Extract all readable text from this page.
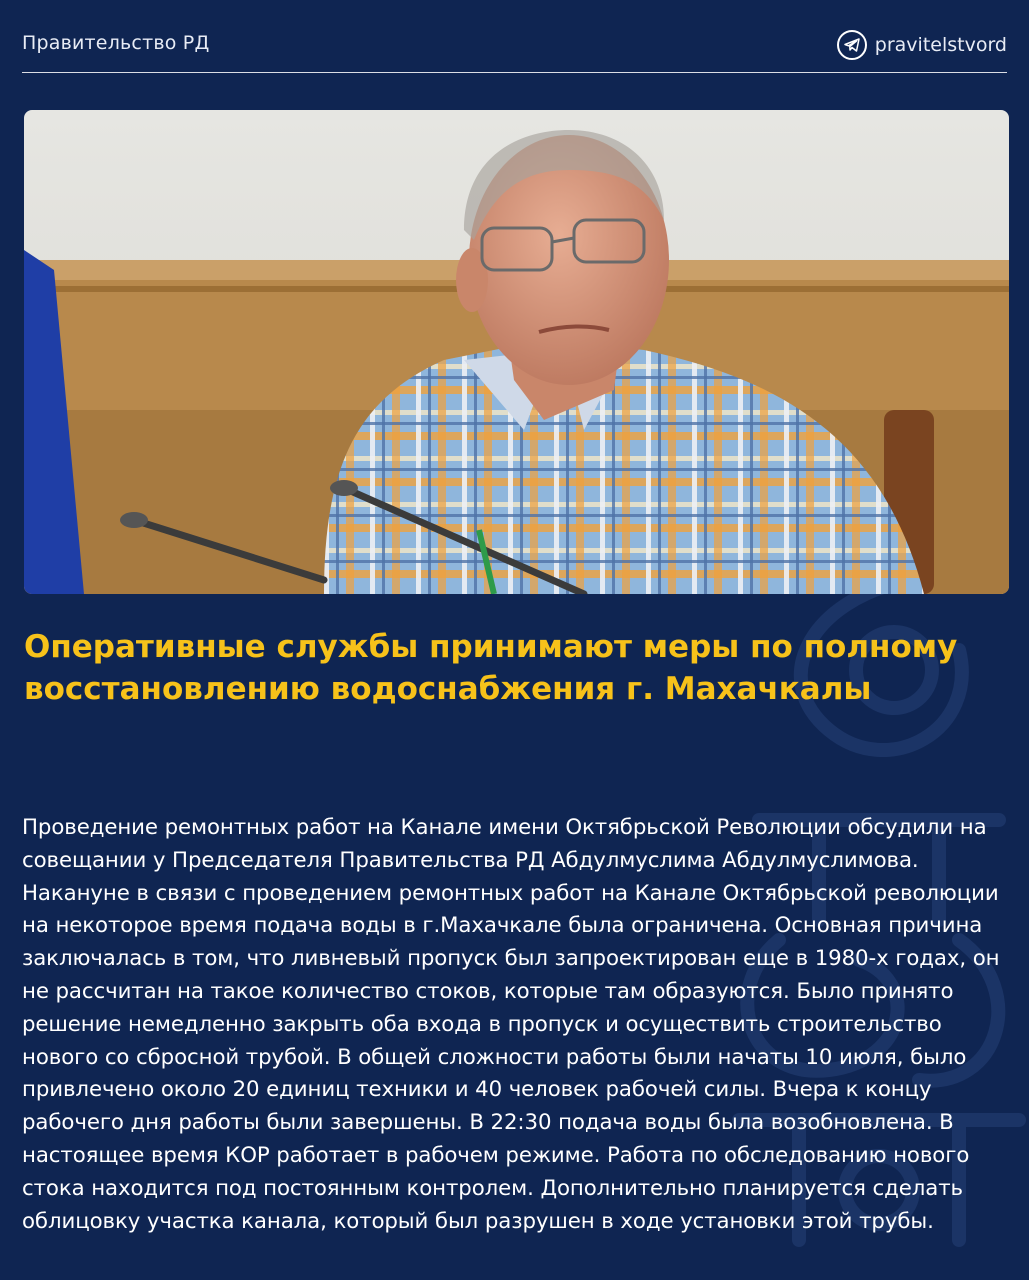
Правительство РД	pravitelstvord
Оперативные службы принимают меры по полному восстановлению водоснабжения г. Махачкалы

Проведение ремонтных работ на Канале имени Октябрьской Революции обсудили на совещании у Председателя Правительства РД Абдулмуслима Абдулмуслимова. Накануне в связи с проведением ремонтных работ на Канале Октябрьской революции на некоторое время подача воды в г.Махачкале была ограничена. Основная причина заключалась в том, что ливневый пропуск был запроектирован еще в 1980-х годах, он не рассчитан на такое количество стоков, которые там образуются. Было принято решение немедленно закрыть оба входа в пропуск и осуществить строительство нового со сбросной трубой. В общей сложности работы были начаты 10 июля, было привлечено около 20 единиц техники и 40 человек рабочей силы. Вчера к концу рабочего дня работы были завершены. В 22:30 подача воды была возобновлена. В настоящее время КОР работает в рабочем режиме. Работа по обследованию нового стока находится под постоянным контролем. Дополнительно планируется сделать облицовку участка канала, который был разрушен в ходе установки этой трубы.
